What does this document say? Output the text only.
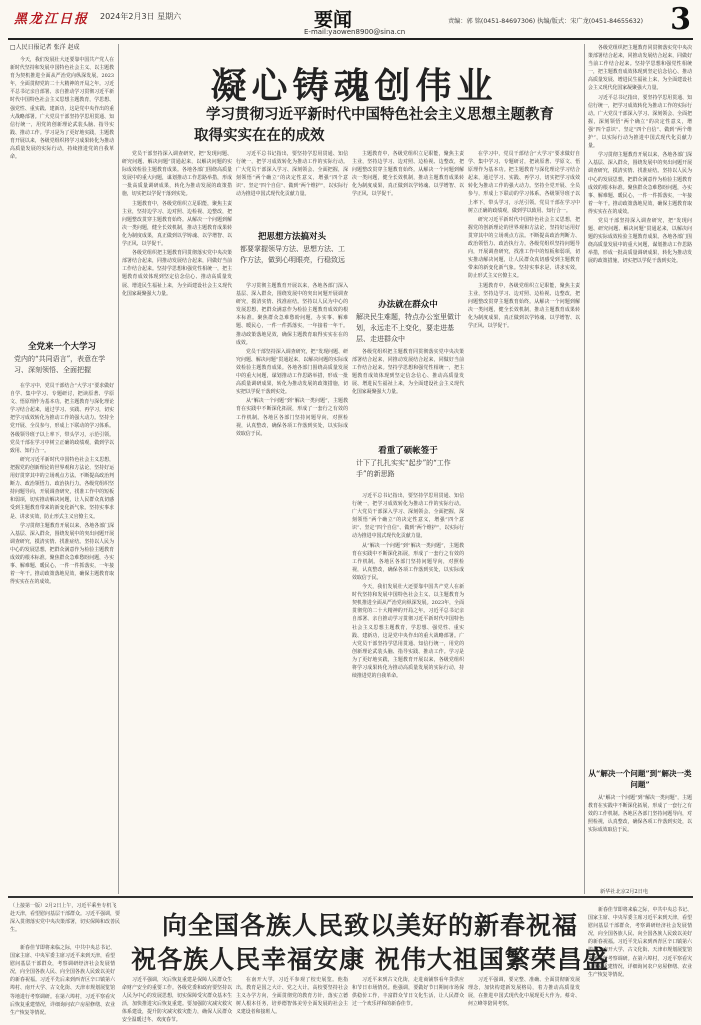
黑龙江日报 2024年2月3日 星期六	要闻
E-mail:yaowen8900@sina.cn
责编：郭 铭(0451-84697306) 执编/版式：宋广龙(0451-84655632) 3
□人民日报记者 张洋 赵成
凝心铸魂创伟业
学习贯彻习近平新时代中国特色社会主义思想主题教育
取得实实在在的成效

今天，我们发展壮大还要靠中国共产党人在新时代坚持和发展中国特色社会主义、以主题教育为契机推进全面从严治党向纵深发展。2023年，全面贯彻党的二十大精神的开局之年。习近平总书记亲自部署、亲自推动学习贯彻习近平新时代中国特色社会主义思想主题教育，学思想、强党性、重实践、建新功，这是党中央作出的重大战略部署。广大党员干部坚持学思用贯通、知信行统一，用党的创新理论武装头脑、指导实践、推动工作。学习是为了更好地实践，主题教育开展以来，各级党组织将学习成果转化为推动高质量发展的实际行动，持续推进党的自我革命。

全党来一个大学习
党内的“共同语言”，表意在学习、深刻领悟、全面把握

在学习中，党员干部结合“大学习”要求做好自学、集中学习、专题研讨，把读原著、学原文、悟原理作为基本功。把主题教育与深化理论学习结合起来，通过学习、实践、再学习，切实把学习成效转化为推动工作的强大动力。坚持全党开展、全员参与，形成上下联动的学习体系。各级领导班子以上率下，带头学习，示范引领。党员干部在学习中树立正确的政绩观，做到学以致用、知行合一。

研究习近平新时代中国特色社会主义思想，把握党的创新理论的世界观和方法论，坚持好运用好贯穿其中的立场观点方法。不断提高政治判断力、政治领悟力、政治执行力。各级党组织坚持问题导向，开展调查研究，找准工作中的短板和弱项，切实推动解决问题，让人民群众真切感受到主题教育带来的新变化新气象。坚持实事求是、讲求实效，防止形式主义官僚主义。

学习贯彻主题教育开展以来，各地各部门深入基层、深入群众，围绕发展中的突出问题开展调查研究，摸清实情、找准症结。坚持以人民为中心的发展思想，把群众满意作为检验主题教育成效的根本标准。聚焦群众急难愁盼问题，办实事、解难题、暖民心，一件一件抓落实，一年接着一年干。推动政策落地见效，确保主题教育取得实实在在的成效。

党员干部坚持深入调查研究，把“发现问题、研究问题、解决问题”贯通起来，以解决问题的实际成效检验主题教育成果。各地各部门围绕高质量发展中的重大问题，谋划推动工作思路举措，形成一批高质量调研成果，转化为推动发展的政策措施，切实把以学促干落到实处。

主题教育中，各级党组织立足职能，聚焦主责主业，坚持边学习、边对照、边检视、边整改，把问题整改贯穿主题教育始终。从解决一个问题到解决一类问题，健全长效机制，推动主题教育成果转化为制度成果，真正做到以学铸魂、以学增智、以学正风、以学促干。

各级党组织把主题教育同贯彻落实党中央决策部署结合起来，同推动发展结合起来，同做好当前工作结合起来。坚持学思想和强党性相统一，把主题教育成效体现到坚定信念信心、推动高质量发展、增进民生福祉上来，为全面建设社会主义现代化国家凝聚强大力量。

把思想方法搞对头
都要掌握领导方法、思想方法、工作方法，做到心明眼亮，行稳致远

习近平总书记指出，要坚持学思用贯通、知信行统一，把学习成效转化为推动工作的实际行动。广大党员干部深入学习、深刻领会、全面把握，深刻领悟“两个确立”的决定性意义，增强“四个意识”、坚定“四个自信”、做到“两个维护”，以实际行动为推进中国式现代化贡献力量。

学习贯彻主题教育开展以来，各地各部门深入基层、深入群众，围绕发展中的突出问题开展调查研究，摸清实情、找准症结。坚持以人民为中心的发展思想，把群众满意作为检验主题教育成效的根本标准。聚焦群众急难愁盼问题，办实事、解难题、暖民心，一件一件抓落实，一年接着一年干。推动政策落地见效，确保主题教育取得实实在在的成效。

党员干部坚持深入调查研究，把“发现问题、研究问题、解决问题”贯通起来，以解决问题的实际成效检验主题教育成果。各地各部门围绕高质量发展中的重大问题，谋划推动工作思路举措，形成一批高质量调研成果，转化为推动发展的政策措施，切实把以学促干落到实处。

从“解决一个问题”到“解决一类问题”，主题教育在实践中不断深化拓展，形成了一套行之有效的工作机制。各地区各部门坚持问题导向，对照检视，认真整改，确保各项工作落到实处，以实际成效取信于民。

办法就在群众中
解决民生难题，特点办公室里做计划，永远走不上变化，要走进基层、走进群众中

主题教育中，各级党组织立足职能，聚焦主责主业，坚持边学习、边对照、边检视、边整改，把问题整改贯穿主题教育始终。从解决一个问题到解决一类问题，健全长效机制，推动主题教育成果转化为制度成果，真正做到以学铸魂、以学增智、以学正风、以学促干。

各级党组织把主题教育同贯彻落实党中央决策部署结合起来，同推动发展结合起来，同做好当前工作结合起来。坚持学思想和强党性相统一，把主题教育成效体现到坚定信念信心、推动高质量发展、增进民生福祉上来，为全面建设社会主义现代化国家凝聚强大力量。

看重了硕帐签于
计下了扎扎实实“起步”的“工作手”的新思路

习近平总书记指出，要坚持学思用贯通、知信行统一，把学习成效转化为推动工作的实际行动。广大党员干部深入学习、深刻领会、全面把握，深刻领悟“两个确立”的决定性意义，增强“四个意识”、坚定“四个自信”、做到“两个维护”，以实际行动为推进中国式现代化贡献力量。

从“解决一个问题”到“解决一类问题”，主题教育在实践中不断深化拓展，形成了一套行之有效的工作机制。各地区各部门坚持问题导向，对照检视，认真整改，确保各项工作落到实处，以实际成效取信于民。

今天，我们发展壮大还要靠中国共产党人在新时代坚持和发展中国特色社会主义、以主题教育为契机推进全面从严治党向纵深发展。2023年，全面贯彻党的二十大精神的开局之年。习近平总书记亲自部署、亲自推动学习贯彻习近平新时代中国特色社会主义思想主题教育，学思想、强党性、重实践、建新功，这是党中央作出的重大战略部署。广大党员干部坚持学思用贯通、知信行统一，用党的创新理论武装头脑、指导实践、推动工作。学习是为了更好地实践，主题教育开展以来，各级党组织将学习成果转化为推动高质量发展的实际行动，持续推进党的自我革命。

在学习中，党员干部结合“大学习”要求做好自学、集中学习、专题研讨，把读原著、学原文、悟原理作为基本功。把主题教育与深化理论学习结合起来，通过学习、实践、再学习，切实把学习成效转化为推动工作的强大动力。坚持全党开展、全员参与，形成上下联动的学习体系。各级领导班子以上率下，带头学习，示范引领。党员干部在学习中树立正确的政绩观，做到学以致用、知行合一。

研究习近平新时代中国特色社会主义思想，把握党的创新理论的世界观和方法论，坚持好运用好贯穿其中的立场观点方法。不断提高政治判断力、政治领悟力、政治执行力。各级党组织坚持问题导向，开展调查研究，找准工作中的短板和弱项，切实推动解决问题，让人民群众真切感受到主题教育带来的新变化新气象。坚持实事求是、讲求实效，防止形式主义官僚主义。

主题教育中，各级党组织立足职能，聚焦主责主业，坚持边学习、边对照、边检视、边整改，把问题整改贯穿主题教育始终。从解决一个问题到解决一类问题，健全长效机制，推动主题教育成果转化为制度成果，真正做到以学铸魂、以学增智、以学正风、以学促干。

各级党组织把主题教育同贯彻落实党中央决策部署结合起来，同推动发展结合起来，同做好当前工作结合起来。坚持学思想和强党性相统一，把主题教育成效体现到坚定信念信心、推动高质量发展、增进民生福祉上来，为全面建设社会主义现代化国家凝聚强大力量。

习近平总书记指出，要坚持学思用贯通、知信行统一，把学习成效转化为推动工作的实际行动。广大党员干部深入学习、深刻领会、全面把握，深刻领悟“两个确立”的决定性意义，增强“四个意识”、坚定“四个自信”、做到“两个维护”，以实际行动为推进中国式现代化贡献力量。

学习贯彻主题教育开展以来，各地各部门深入基层、深入群众，围绕发展中的突出问题开展调查研究，摸清实情、找准症结。坚持以人民为中心的发展思想，把群众满意作为检验主题教育成效的根本标准。聚焦群众急难愁盼问题，办实事、解难题、暖民心，一件一件抓落实，一年接着一年干。推动政策落地见效，确保主题教育取得实实在在的成效。

党员干部坚持深入调查研究，把“发现问题、研究问题、解决问题”贯通起来，以解决问题的实际成效检验主题教育成果。各地各部门围绕高质量发展中的重大问题，谋划推动工作思路举措，形成一批高质量调研成果，转化为推动发展的政策措施，切实把以学促干落到实处。

从“解决一个问题”到“解决一类问题”

从“解决一个问题”到“解决一类问题”，主题教育在实践中不断深化拓展，形成了一套行之有效的工作机制。各地区各部门坚持问题导向，对照检视，认真整改，确保各项工作落到实处，以实际成效取信于民。

（上接第一版）2月2日上午，习近平乘坐专机飞赴天津，看望慰问基层干部群众。习近平强调，要深入贯彻落实党中央决策部署，切实保障和改善民生。	向全国各族人民致以美好的新春祝福
祝各族人民幸福安康 祝伟大祖国繁荣昌盛

新春佳节即将来临之际，中共中央总书记、国家主席、中央军委主席习近平来到天津，看望慰问基层干部群众，考察调研经济社会发展情况，向全国各族人民、向全国各族人民致以美好的新春祝福。习近平先后来到西青区辛口镇第六埠村、南开大学、古文化街、天津市规划展览馆等地进行考察调研。在第六埠村，习近平察看灾后恢复重建情况，详细询问农户房屋修缮、农业生产恢复等情况。

习近平强调，灾后恢复重建是保障人民群众生命财产安全的重要工作。各级党委和政府要坚持以人民为中心的发展思想，切实保障受灾群众基本生活，加快推进灾后恢复重建。要加强防灾减灾救灾体系建设，提升防灾减灾救灾能力，确保人民群众安全温暖过冬、欢度春节。

在南开大学，习近平参观了校史展览。他指出，教育是国之大计、党之大计。高校要坚持社会主义办学方向，全面贯彻党的教育方针，落实立德树人根本任务，培养德智体美劳全面发展的社会主义建设者和接班人。

习近平来到古文化街，走进商铺察看年货供应和节日市场情况。他强调，要做好节日期间市场保供稳价工作，丰富群众节日文化生活，让人民群众过一个欢乐祥和的新春佳节。

习近平强调，要完整、准确、全面贯彻新发展理念，加快构建新发展格局，着力推动高质量发展，在推进中国式现代化中展现更大作为。蔡奇、何立峰等陪同考察。

新春佳节即将来临之际，中共中央总书记、国家主席、中央军委主席习近平来到天津，看望慰问基层干部群众，考察调研经济社会发展情况，向全国各族人民、向全国各族人民致以美好的新春祝福。习近平先后来到西青区辛口镇第六埠村、南开大学、古文化街、天津市规划展览馆等地进行考察调研。在第六埠村，习近平察看灾后恢复重建情况，详细询问农户房屋修缮、农业生产恢复等情况。

新华社北京2月2日电
